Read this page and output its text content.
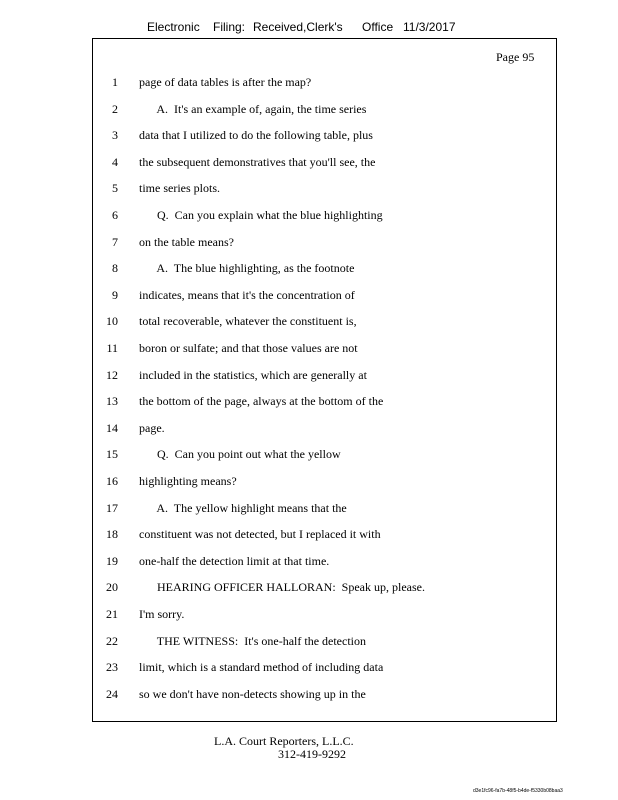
Electronic Filing: Received,Clerk's Office 11/3/2017
Page 95
1 page of data tables is after the map?
2 A.  It's an example of, again, the time series
3 data that I utilized to do the following table, plus
4 the subsequent demonstratives that you'll see, the
5 time series plots.
6 Q.  Can you explain what the blue highlighting
7 on the table means?
8 A.  The blue highlighting, as the footnote
9 indicates, means that it's the concentration of
10 total recoverable, whatever the constituent is,
11 boron or sulfate; and that those values are not
12 included in the statistics, which are generally at
13 the bottom of the page, always at the bottom of the
14 page.
15 Q.  Can you point out what the yellow
16 highlighting means?
17 A.  The yellow highlight means that the
18 constituent was not detected, but I replaced it with
19 one-half the detection limit at that time.
20 HEARING OFFICER HALLORAN:  Speak up, please.
21 I'm sorry.
22 THE WITNESS:  It's one-half the detection
23 limit, which is a standard method of including data
24 so we don't have non-detects showing up in the
L.A. Court Reporters, L.L.C.
312-419-9292
d3e1fc96-fa7b-48f5-b4de-f5330b08baa3
